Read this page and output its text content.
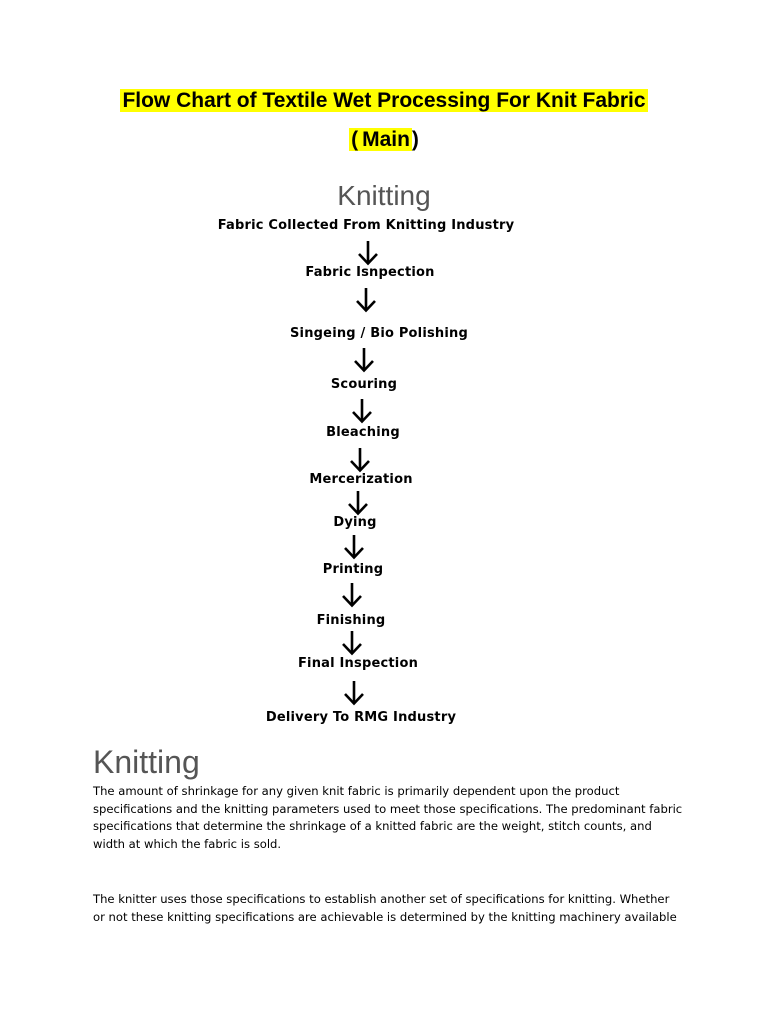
Flow Chart of Textile Wet Processing For Knit Fabric
( Main)
Knitting
Fabric Collected From Knitting Industry
Fabric Isnpection
Singeing / Bio Polishing
Scouring
Bleaching
Mercerization
Dying
Printing
Finishing
Final Inspection
Delivery To RMG Industry
Knitting

The amount of shrinkage for any given knit fabric is primarily dependent upon the product specifications and the knitting parameters used to meet those specifications. The predominant fabric specifications that determine the shrinkage of a knitted fabric are the weight, stitch counts, and width at which the fabric is sold.

The knitter uses those specifications to establish another set of specifications for knitting. Whether or not these knitting specifications are achievable is determined by the knitting machinery available
